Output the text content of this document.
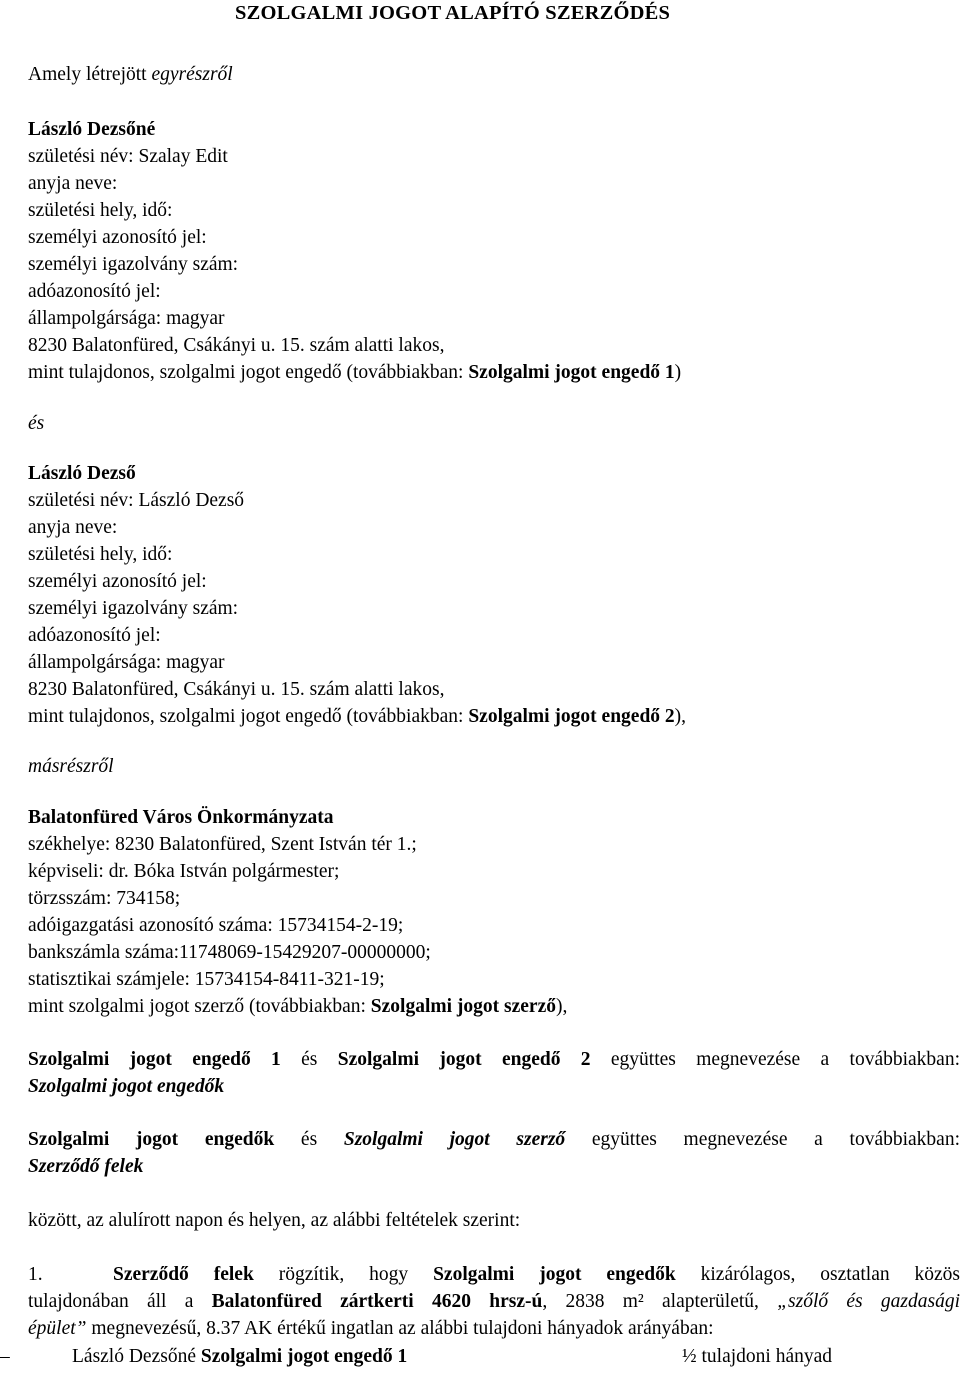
SZOLGALMI JOGOT ALAPÍTÓ SZERZŐDÉS
Amely létrejött egyrészről
László Dezsőné
születési név: Szalay Edit
anyja neve:
születési hely, idő:
személyi azonosító jel:
személyi igazolvány szám:
adóazonosító jel:
állampolgársága: magyar
8230 Balatonfüred, Csákányi u. 15. szám alatti lakos,
mint tulajdonos, szolgalmi jogot engedő (továbbiakban: Szolgalmi jogot engedő 1)
és
László Dezső
születési név: László Dezső
anyja neve:
születési hely, idő:
személyi azonosító jel:
személyi igazolvány szám:
adóazonosító jel:
állampolgársága: magyar
8230 Balatonfüred, Csákányi u. 15. szám alatti lakos,
mint tulajdonos, szolgalmi jogot engedő (továbbiakban: Szolgalmi jogot engedő 2),
másrészről
Balatonfüred Város Önkormányzata
székhelye: 8230 Balatonfüred, Szent István tér 1.;
képviseli: dr. Bóka István polgármester;
törzsszám: 734158;
adóigazgatási azonosító száma: 15734154-2-19;
bankszámla száma:11748069-15429207-00000000;
statisztikai számjele: 15734154-8411-321-19;
mint szolgalmi jogot szerző (továbbiakban: Szolgalmi jogot szerző),
Szolgalmi jogot engedő 1 és Szolgalmi jogot engedő 2 együttes megnevezése a továbbiakban:
Szolgalmi jogot engedők
Szolgalmi jogot engedők és Szolgalmi jogot szerző együttes megnevezése a továbbiakban:
Szerződő felek
között, az alulírott napon és helyen, az alábbi feltételek szerint:
1.	Szerződő felek rögzítik, hogy Szolgalmi jogot engedők kizárólagos, osztatlan közös
tulajdonában áll a Balatonfüred zártkerti 4620 hrsz-ú, 2838 m² alapterületű, „szőlő és gazdasági
épület” megnevezésű, 8.37 AK értékű ingatlan az alábbi tulajdoni hányadok arányában:
–	László Dezsőné Szolgalmi jogot engedő 1	½ tulajdoni hányad
